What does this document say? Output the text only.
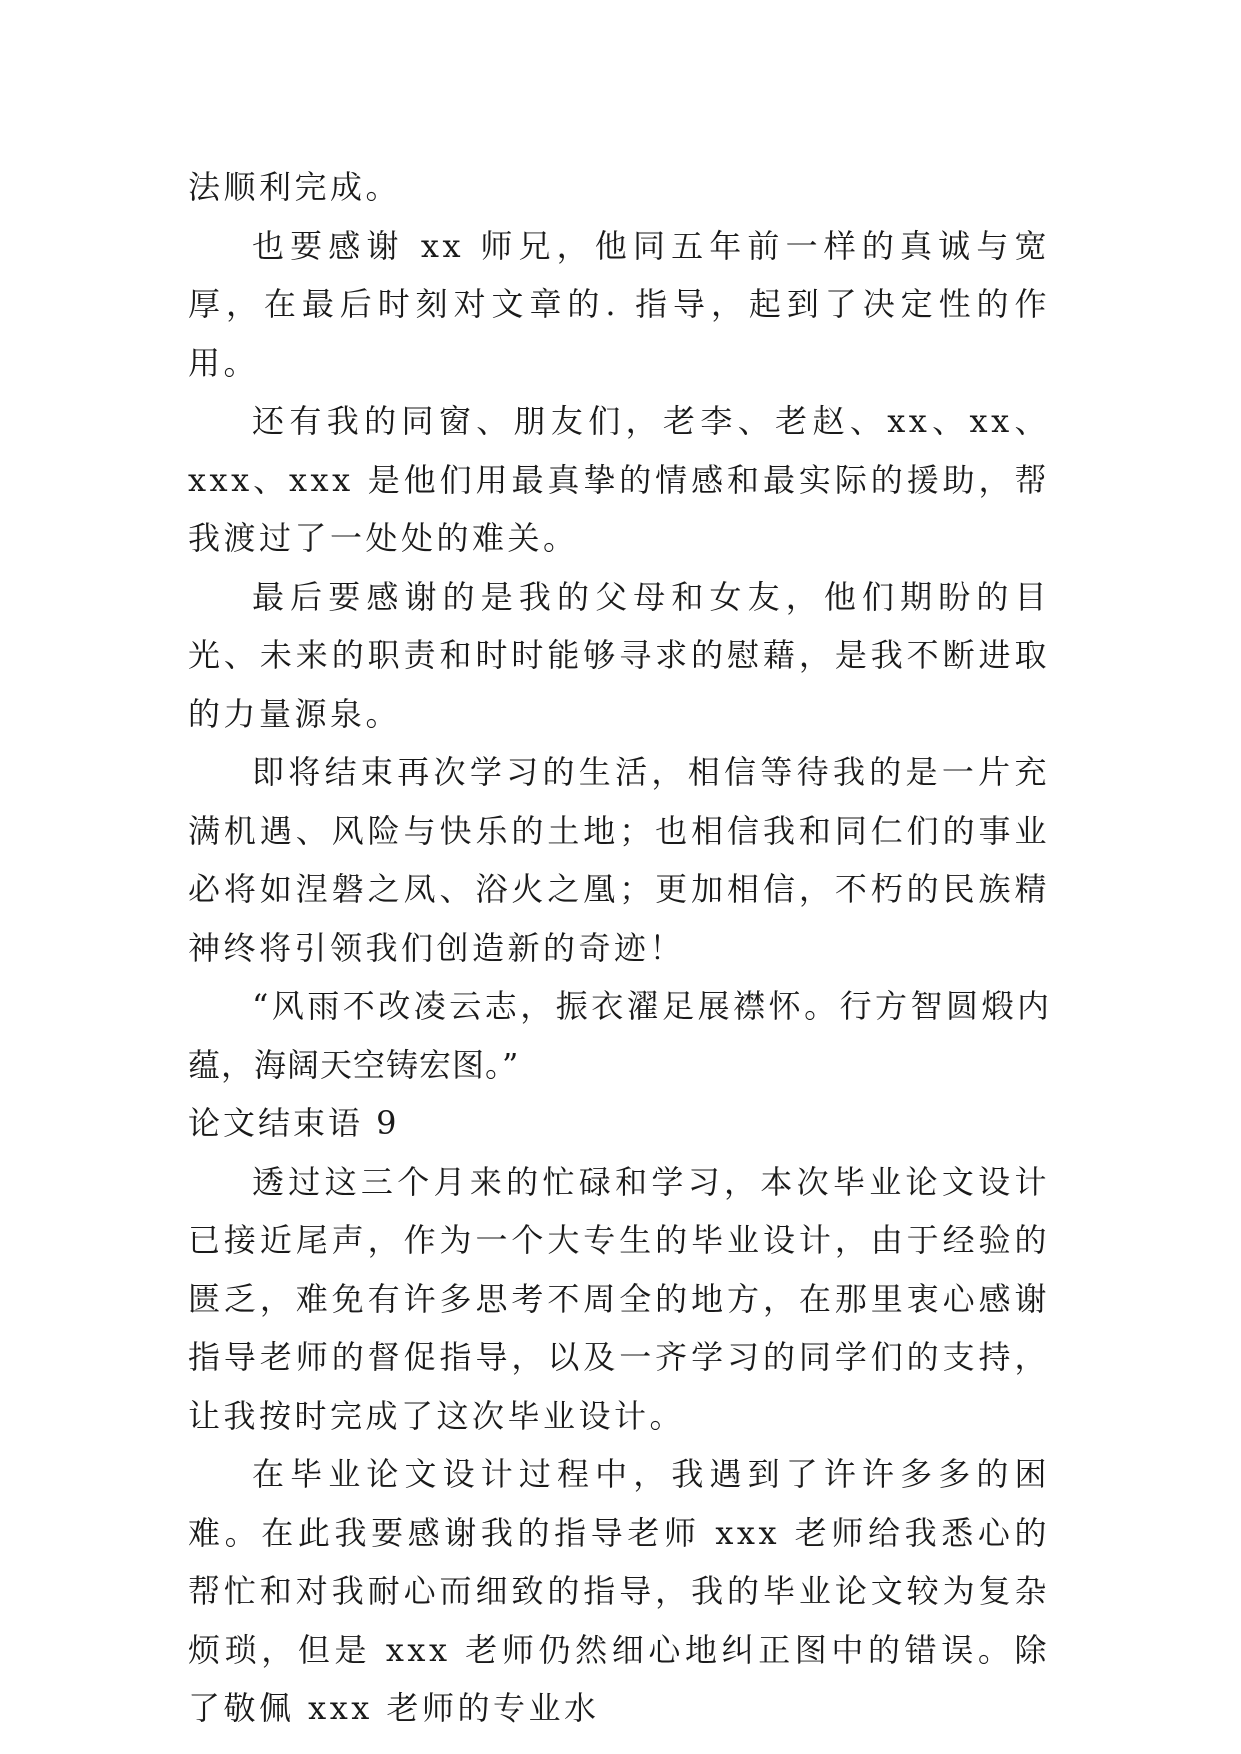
法顺利完成。

也要感谢 xx 师兄，他同五年前一样的真诚与宽厚，在最后时刻对文章的. 指导，起到了决定性的作用。

还有我的同窗、朋友们，老李、老赵、xx、xx、xxx、xxx 是他们用最真挚的情感和最实际的援助，帮我渡过了一处处的难关。

最后要感谢的是我的父母和女友，他们期盼的目光、未来的职责和时时能够寻求的慰藉，是我不断进取的力量源泉。

即将结束再次学习的生活，相信等待我的是一片充满机遇、风险与快乐的土地；也相信我和同仁们的事业必将如涅磐之凤、浴火之凰；更加相信，不朽的民族精神终将引领我们创造新的奇迹！

“风雨不改凌云志，振衣濯足展襟怀。行方智圆煅内蕴，海阔天空铸宏图。”

论文结束语 9

透过这三个月来的忙碌和学习，本次毕业论文设计已接近尾声，作为一个大专生的毕业设计，由于经验的匮乏，难免有许多思考不周全的地方，在那里衷心感谢指导老师的督促指导，以及一齐学习的同学们的支持，让我按时完成了这次毕业设计。

在毕业论文设计过程中，我遇到了许许多多的困难。在此我要感谢我的指导老师 xxx 老师给我悉心的帮忙和对我耐心而细致的指导，我的毕业论文较为复杂烦琐，但是 xxx 老师仍然细心地纠正图中的错误。除了敬佩 xxx 老师的专业水
